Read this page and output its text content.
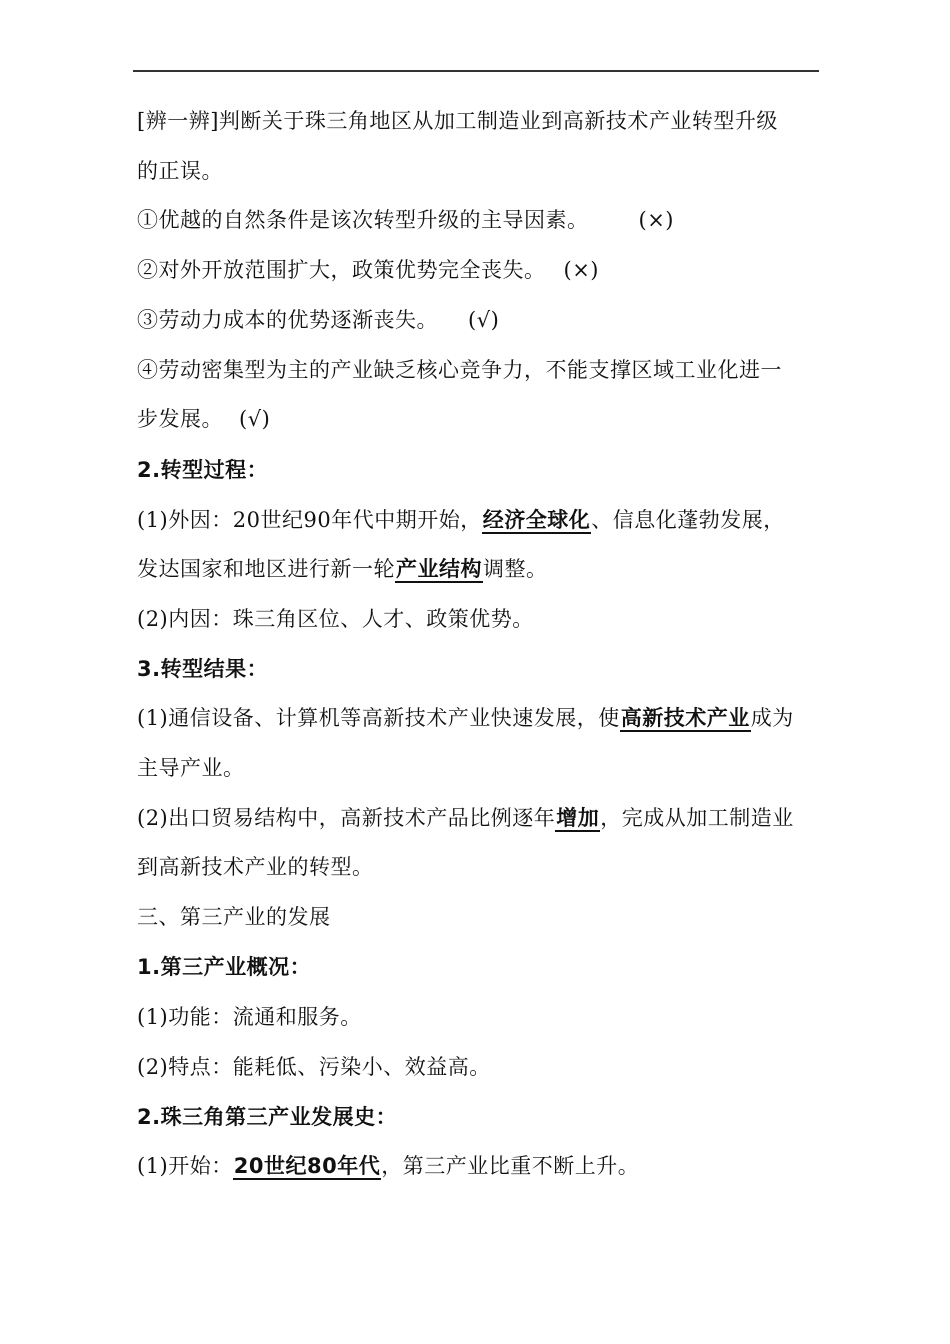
[辨一辨]判断关于珠三角地区从加工制造业到高新技术产业转型升级
的正误。
①优越的自然条件是该次转型升级的主导因素。 (×)
②对外开放范围扩大，政策优势完全丧失。 (×)
③劳动力成本的优势逐渐丧失。 (√)
④劳动密集型为主的产业缺乏核心竞争力，不能支撑区域工业化进一
步发展。 (√)
2.转型过程：
(1)外因：20世纪90年代中期开始，经济全球化、信息化蓬勃发展，
发达国家和地区进行新一轮产业结构调整。
(2)内因：珠三角区位、人才、政策优势。
3.转型结果：
(1)通信设备、计算机等高新技术产业快速发展，使高新技术产业成为
主导产业。
(2)出口贸易结构中，高新技术产品比例逐年增加，完成从加工制造业
到高新技术产业的转型。
三、第三产业的发展
1.第三产业概况：
(1)功能：流通和服务。
(2)特点：能耗低、污染小、效益高。
2.珠三角第三产业发展史：
(1)开始：20世纪80年代，第三产业比重不断上升。
